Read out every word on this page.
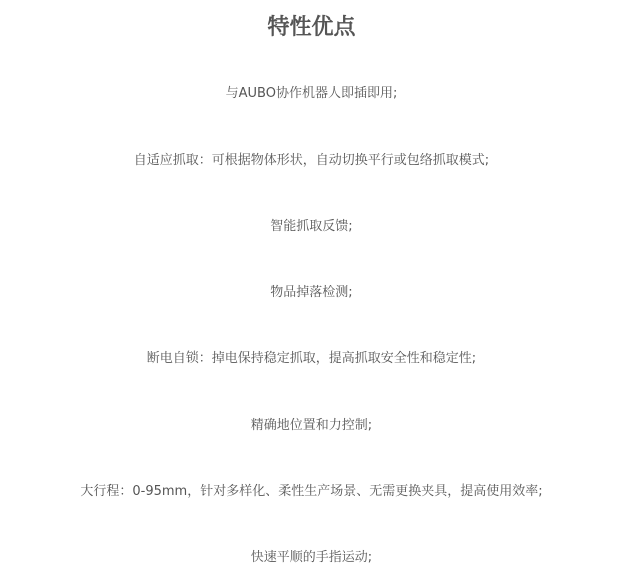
特性优点
与AUBO协作机器人即插即用;
自适应抓取：可根据物体形状，自动切换平行或包络抓取模式;
智能抓取反馈;
物品掉落检测;
断电自锁：掉电保持稳定抓取，提高抓取安全性和稳定性;
精确地位置和力控制;
大行程：0-95mm，针对多样化、柔性生产场景、无需更换夹具，提高使用效率;
快速平顺的手指运动;
